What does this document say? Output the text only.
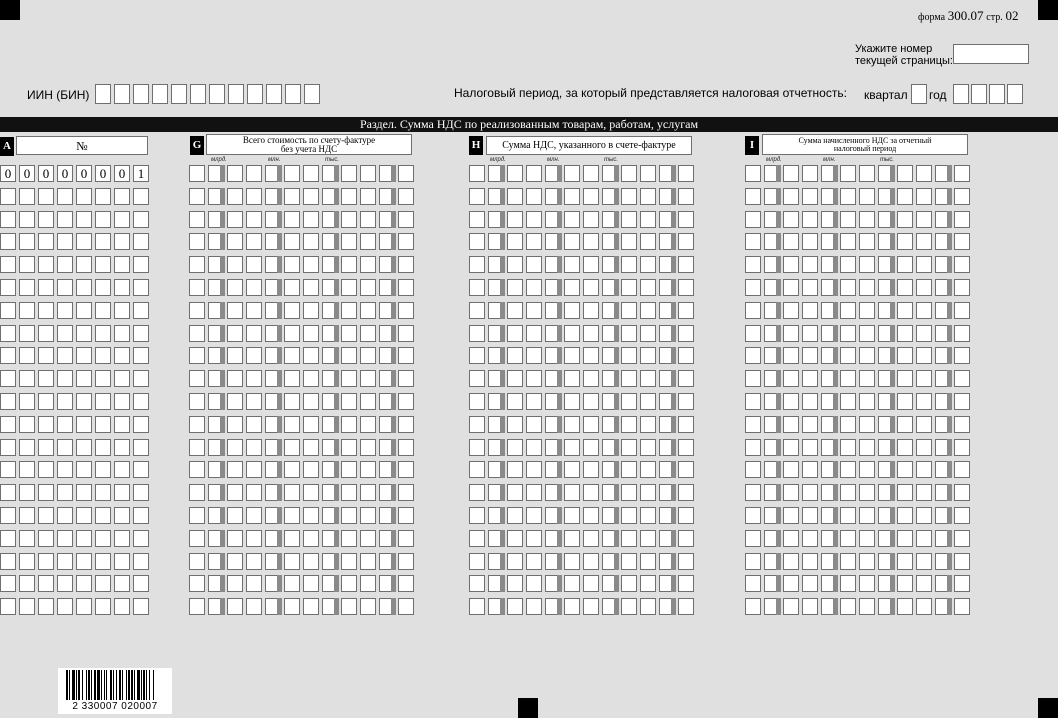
форма 300.07 стр. 02
Укажите номер
текущей страницы:
ИИН (БИН)	Налоговый период, за который представляется налоговая отчетность: квартал год
Раздел. Сумма НДС по реализованным товарам, работам, услугам
A	№	G	Всего стоимость по счету-фактуре
без учета НДС	H	Сумма НДС, указанного в счете-фактуре	I	Сумма начисленного НДС за отчетный
налоговый период
млрд.	млн.	тыс.	млрд.	млн.	тыс.	млрд.	млн.	тыс.
0 0 0 0 0 0 0 1
2 330007 020007
